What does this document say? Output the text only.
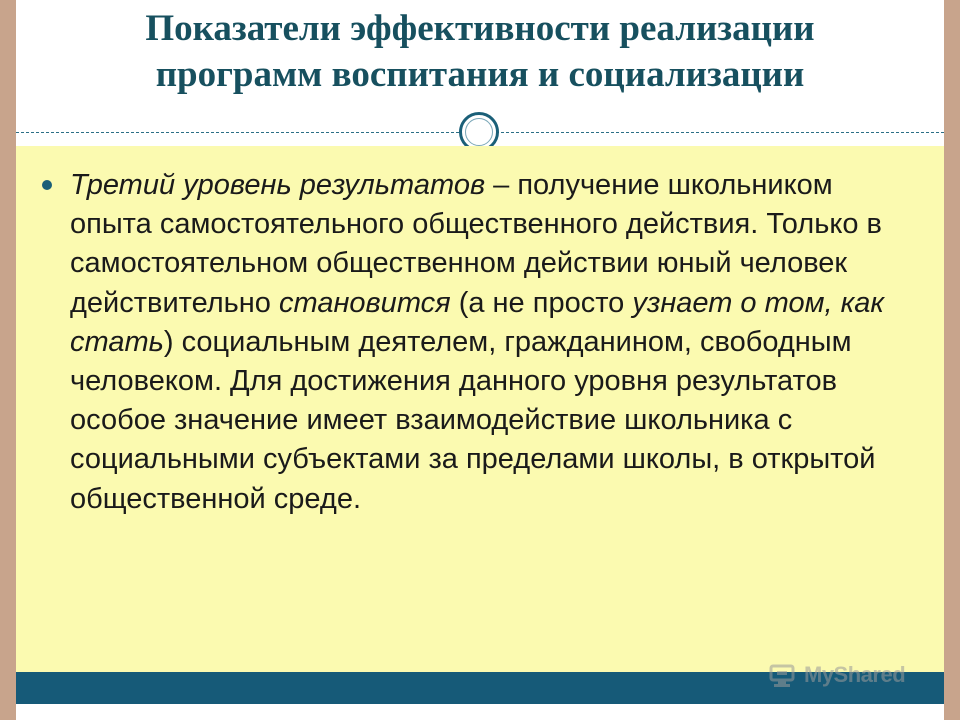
Показатели эффективности реализации
программ воспитания и социализации

Третий уровень результатов – получение школьником опыта самостоятельного общественного действия. Только в самостоятельном общественном действии юный человек действительно становится (а не просто узнает о том, как стать) социальным деятелем, гражданином, свободным человеком. Для достижения данного уровня результатов особое значение имеет взаимодействие школьника с социальными субъектами за пределами школы, в открытой общественной среде.

MyShared
